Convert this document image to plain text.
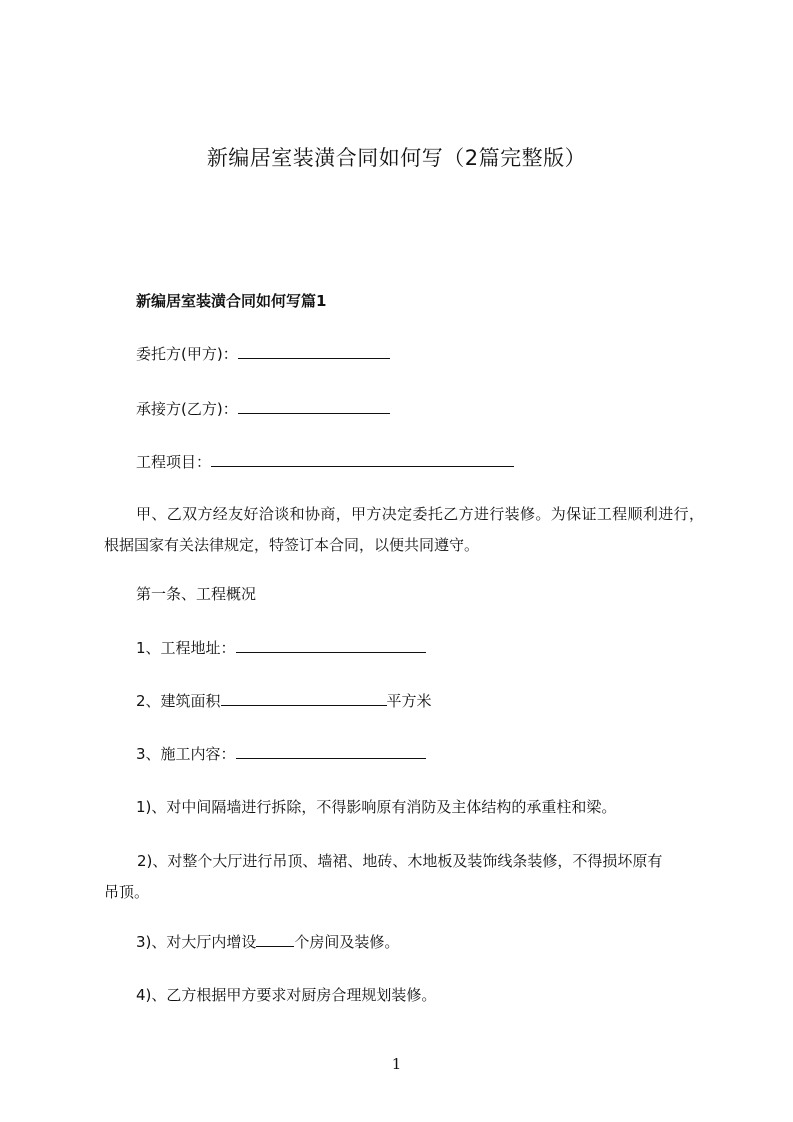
新编居室装潢合同如何写（2篇完整版）
新编居室装潢合同如何写篇1
委托方(甲方)：
承接方(乙方)：
工程项目：
甲、乙双方经友好洽谈和协商，甲方决定委托乙方进行装修。为保证工程顺利进行，根据国家有关法律规定，特签订本合同，以便共同遵守。
第一条、工程概况
1、工程地址：
2、建筑面积	平方米
3、施工内容：
1)、对中间隔墙进行拆除，不得影响原有消防及主体结构的承重柱和梁。
2)、对整个大厅进行吊顶、墙裙、地砖、木地板及装饰线条装修，不得损坏原有
吊顶。
3)、对大厅内增设	个房间及装修。
4)、乙方根据甲方要求对厨房合理规划装修。
1
